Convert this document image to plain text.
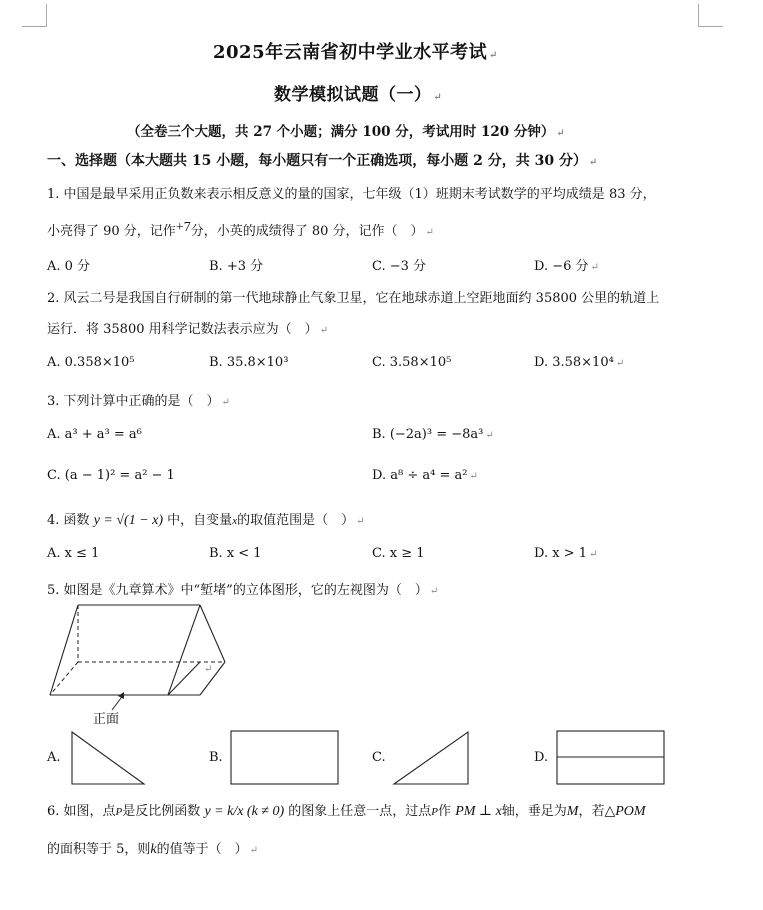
2025年云南省初中学业水平考试 ↵
数学模拟试题（一） ↵
（全卷三个大题，共 27 个小题；满分 100 分，考试用时 120 分钟） ↵
一、选择题（本大题共 15 小题，每小题只有一个正确选项，每小题 2 分，共 30 分） ↵
1. 中国是最早采用正负数来表示相反意义的量的国家，七年级（1）班期末考试数学的平均成绩是 83 分，
小亮得了 90 分，记作+7分，小英的成绩得了 80 分，记作（　） ↵
A. 0 分	B. +3 分	C. −3 分	D. −6 分 ↵
2. 风云二号是我国自行研制的第一代地球静止气象卫星，它在地球赤道上空距地面约 35800 公里的轨道上
运行．将 35800 用科学记数法表示应为（　） ↵
A. 0.358×10⁵	B. 35.8×10³	C. 3.58×10⁵	D. 3.58×10⁴ ↵
3. 下列计算中正确的是（　） ↵
A. a³ + a³ = a⁶	B. (−2a)³ = −8a³ ↵
C. (a − 1)² = a² − 1	D. a⁸ ÷ a⁴ = a² ↵
4. 函数 y = √(1 − x) 中，自变量x的取值范围是（　） ↵
A. x ≤ 1	B. x < 1	C. x ≥ 1	D. x > 1 ↵
5. 如图是《九章算术》中“堑堵”的立体图形，它的左视图为（　） ↵
正面
↵
A.	B.	C.	D.
6. 如图，点P是反比例函数 y = k/x (k ≠ 0) 的图象上任意一点，过点P作 PM ⊥ x轴，垂足为M，若△POM
的面积等于 5，则k的值等于（　） ↵
